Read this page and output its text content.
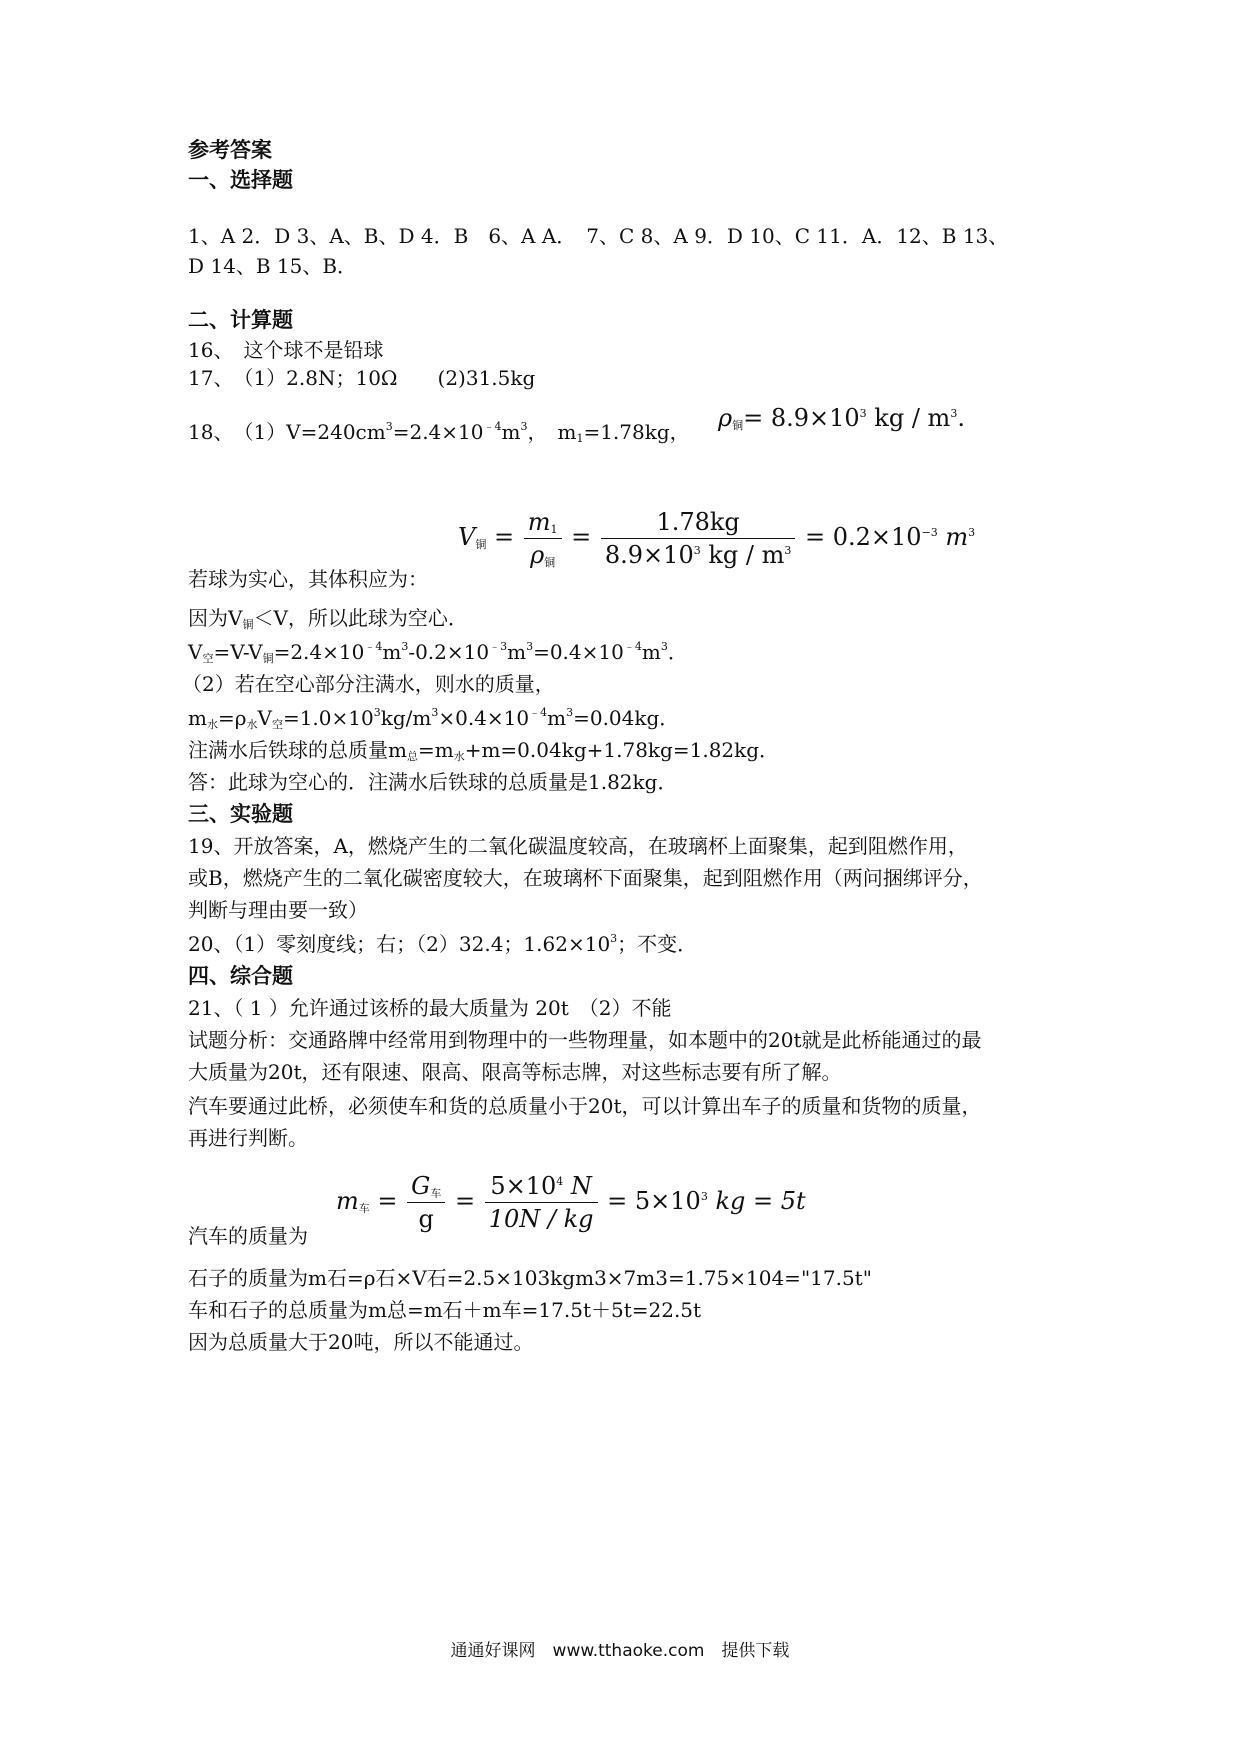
参考答案
一、选择题
1、A 2．D 3、A、B、D 4．B　6、A A．　7、C 8、A 9．D 10、C 11．A．12、B 13、
D 14、B 15、B．
二、计算题
16、　这个球不是铅球
17、　（1）2.8N；10Ω　　(2)31.5kg
18、　$(1)V=240cm^3=2.4\times 10^{﹣4}m^3$，　m1=1.78kg， ρ铜= $8.9\times 10^3$ kg / $m^3$.
V铜 = $\frac{m1}{\text{ρ铜}} = \frac{1.78kg}{8.9\times 10^3 kg / m^3} = 0.2\times 10^{-3}$ $m^3$
若球为实心，其体积应为：
因为V铜＜V，所以此球为空心．
V空=V-V铜$=2.4\times 10^{﹣4}m^3-0.2\times 10^{﹣3}m^3=0.4\times 10^{﹣4}m^3$．
（2）若在空心部分注满水，则水的质量，
m水=ρ水V空$=1.0\times 10^3kg/m^3\times 0.4\times 10^{﹣4}m^3=0.04kg$．
注满水后铁球的总质量m总=m水+m=0.04kg+1.78kg=1.82kg．
答：此球为空心的．注满水后铁球的总质量是1.82kg．
三、实验题
19、开放答案，A，燃烧产生的二氧化碳温度较高，在玻璃杯上面聚集，起到阻燃作用，
或B，燃烧产生的二氧化碳密度较大，在玻璃杯下面聚集，起到阻燃作用（两问捆绑评分，
判断与理由要一致）
20、（1）零刻度线；右；（2）32.4；$1.62\times 10^3$；不变．
四、综合题
21、（ 1 ）允许通过该桥的最大质量为 20t　（2）不能
试题分析：交通路牌中经常用到物理中的一些物理量，如本题中的20t就是此桥能通过的最
大质量为20t，还有限速、限高、限高等标志牌，对这些标志要有所了解。
汽车要通过此桥，必须使车和货的总质量小于20t，可以计算出车子的质量和货物的质量，
再进行判断。
m车 = $\frac{\text{G车}}{g} = \frac{5\times 10^4 N}{10N / kg} = 5\times 10^3$ kg = 5t
汽车的质量为
石子的质量为m石=ρ石×V石=2.5×103kgm3×7m3=1.75×104="17.5t"
车和石子的总质量为m总=m石＋m车=17.5t＋5t=22.5t
因为总质量大于20吨，所以不能通过。
通通好课网　www.tthaoke.com　提供下载
